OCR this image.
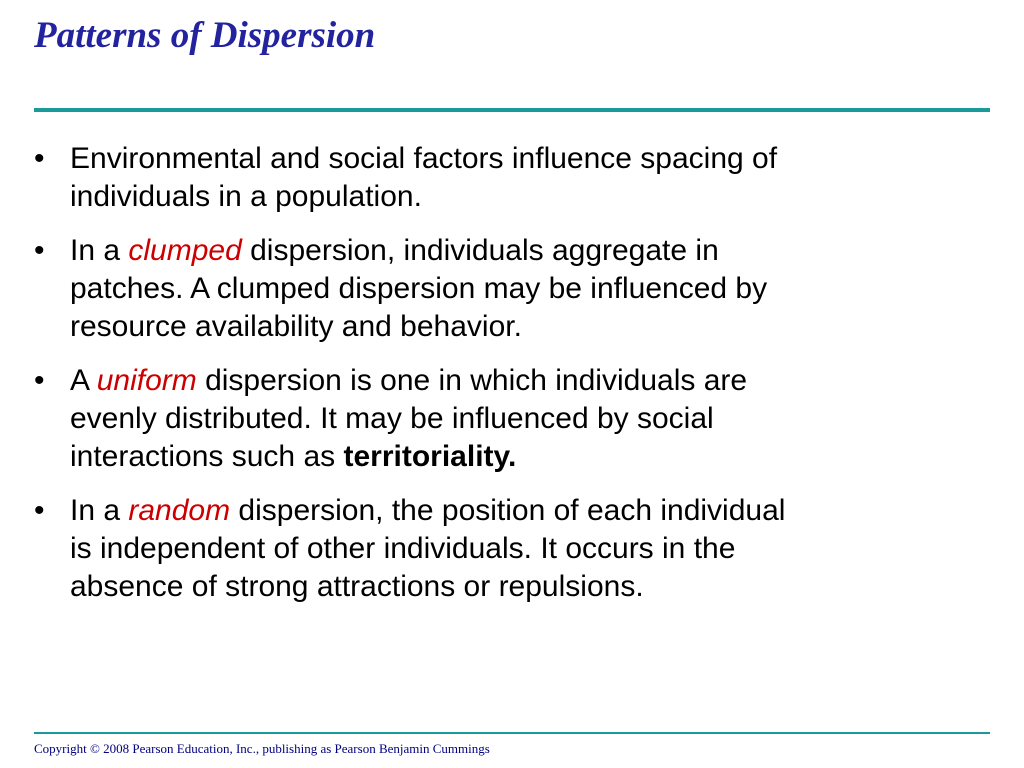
Patterns of Dispersion
• Environmental and social factors influence spacing of
individuals in a population.
• In a clumped dispersion, individuals aggregate in
patches. A clumped dispersion may be influenced by
resource availability and behavior.
• A uniform dispersion is one in which individuals are
evenly distributed. It may be influenced by social
interactions such as territoriality.
• In a random dispersion, the position of each individual
is independent of other individuals. It occurs in the
absence of strong attractions or repulsions.
Copyright © 2008 Pearson Education, Inc., publishing as Pearson Benjamin Cummings
